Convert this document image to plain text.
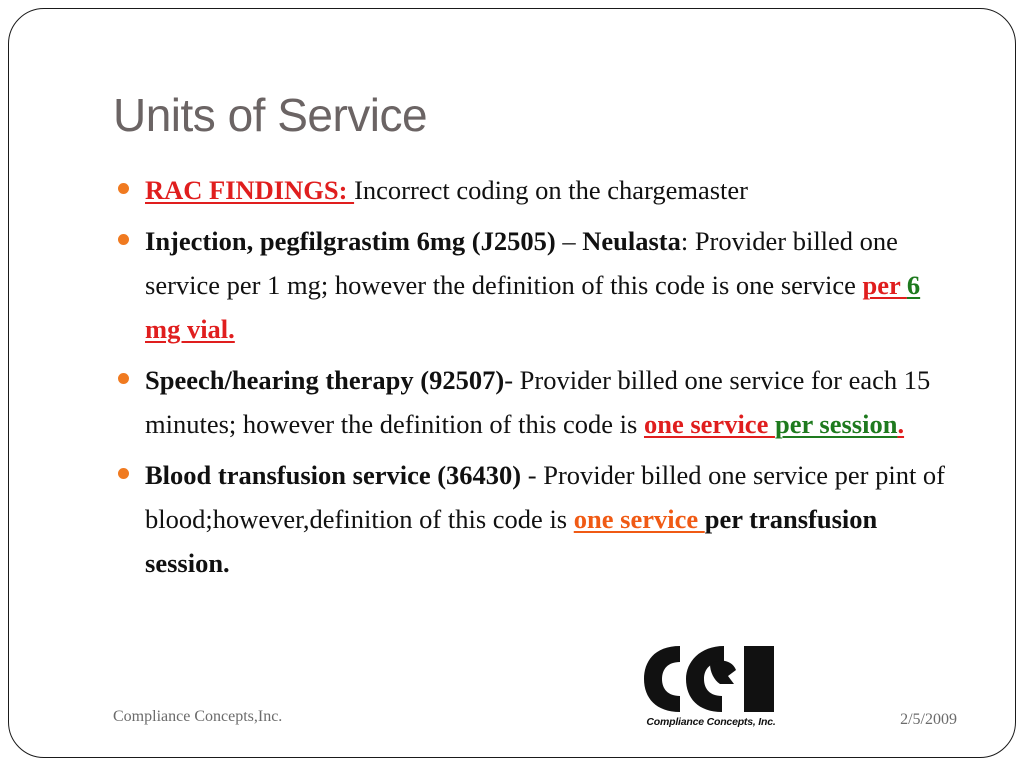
Units of Service
RAC FINDINGS: Incorrect coding on the chargemaster
Injection, pegfilgrastim 6mg (J2505) – Neulasta: Provider billed one service per 1 mg; however the definition of this code is one service per 6 mg vial.
Speech/hearing therapy (92507)- Provider billed one service for each 15 minutes; however the definition of this code is one service per session.
Blood transfusion service (36430) - Provider billed one service per pint of blood;however,definition of this code is one service per transfusion session.
Compliance Concepts, Inc.
Compliance Concepts,Inc.	2/5/2009
